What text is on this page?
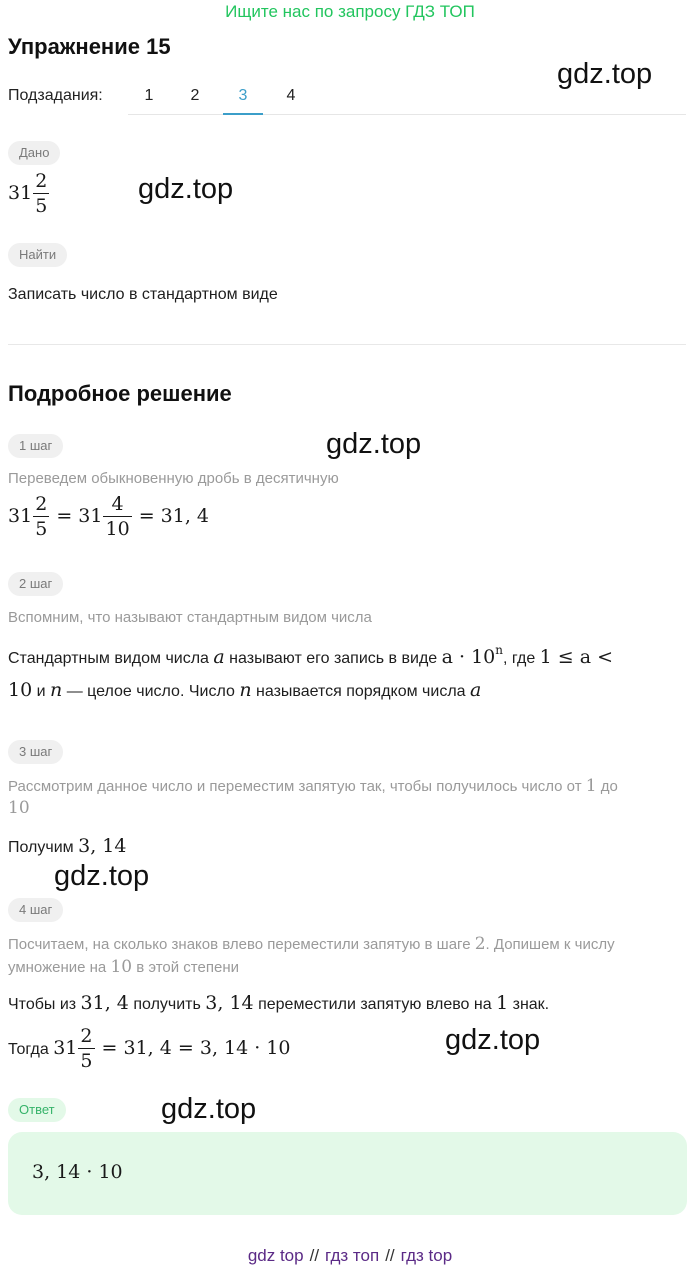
Ищите нас по запросу ГДЗ ТОП
Упражнение 15
gdz.top
gdz.top
gdz.top
gdz.top
gdz.top
gdz.top
Подзадания:	1	2	3	4
Дано
$31 \frac{2}{5}$
Найти
Записать число в стандартном виде
Подробное решение
1 шаг
Переведем обыкновенную дробь в десятичную
$31 \frac{2}{5} = 31 \frac{4}{10} = 31$, 4
2 шаг
Вспомним, что называют стандартным видом числа
Стандартным видом числа a называют его запись в виде $a \cdot 10^n$, где 1 ≤ a <
10 и n — целое число. Число n называется порядком числа a
3 шаг
Рассмотрим данное число и переместим запятую так, чтобы получилось число от 1 до
10
Получим 3, 14
4 шаг
Посчитаем, на сколько знаков влево переместили запятую в шаге 2. Допишем к числу
умножение на 10 в этой степени
Чтобы из 31, 4 получить 3, 14 переместили запятую влево на 1 знак.
Тогда $31 \frac{2}{5} = 31$, 4 = 3, 14 · 10
Ответ
3, 14 · 10
gdz top // гдз топ // гдз top
